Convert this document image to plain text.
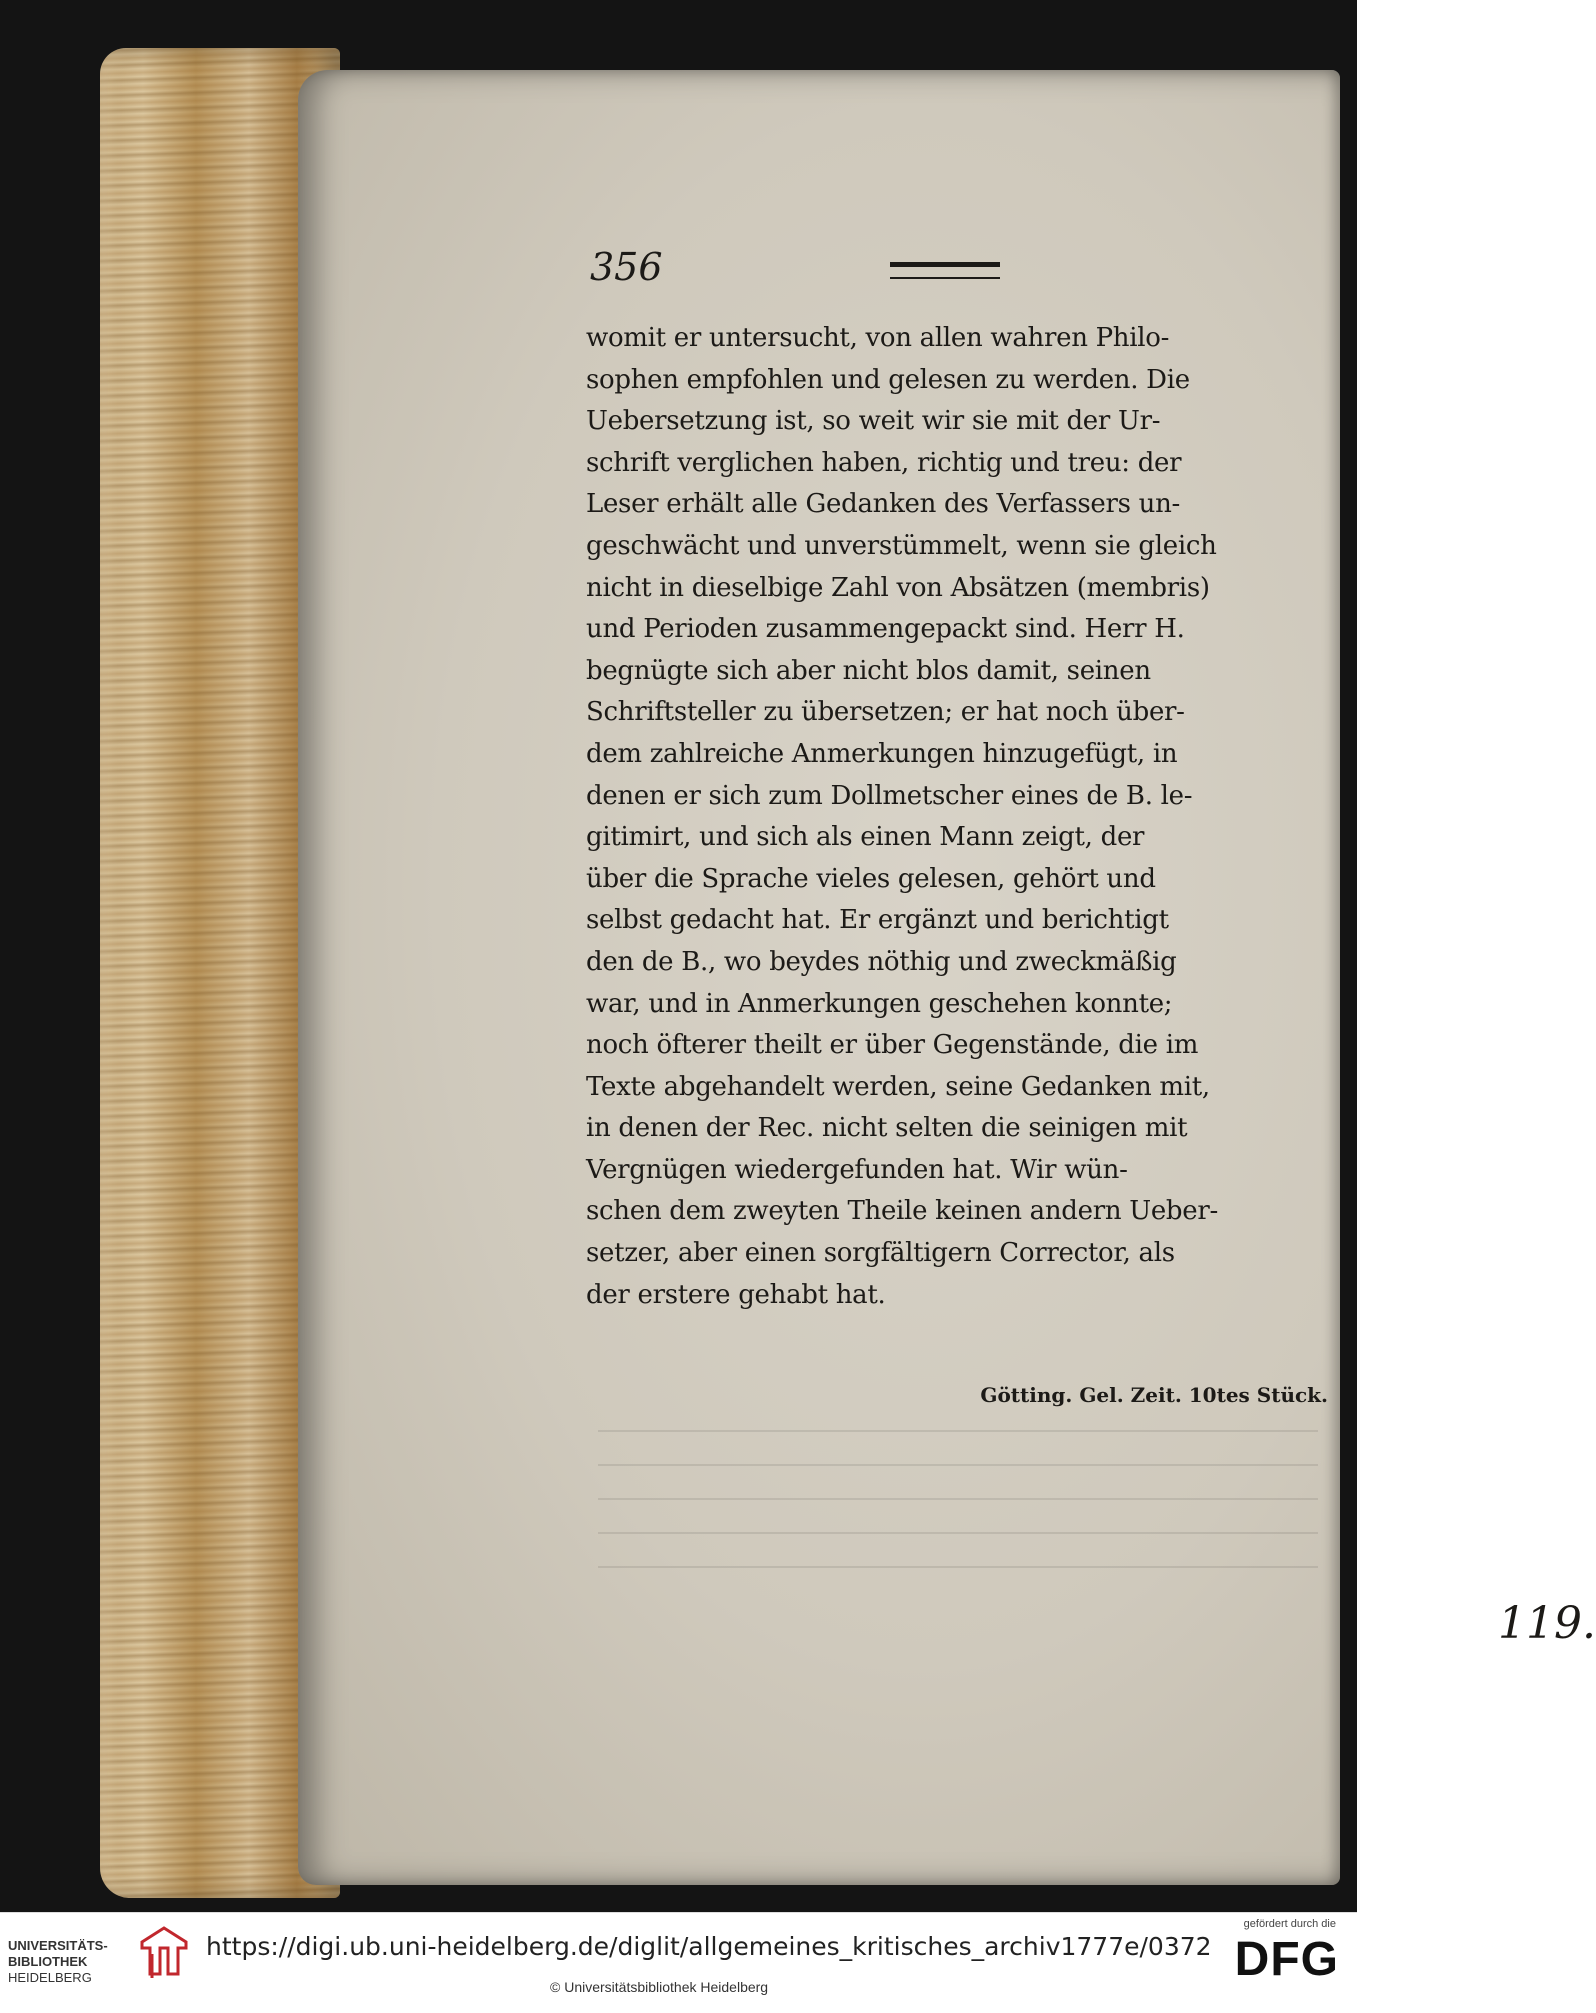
356
womit er untersucht, von allen wahren Philo-
sophen empfohlen und gelesen zu werden. Die
Uebersetzung ist, so weit wir sie mit der Ur-
schrift verglichen haben, richtig und treu: der
Leser erhält alle Gedanken des Verfassers un-
geschwächt und unverstümmelt, wenn sie gleich
nicht in dieselbige Zahl von Absätzen (membris)
und Perioden zusammengepackt sind. Herr H.
begnügte sich aber nicht blos damit, seinen
Schriftsteller zu übersetzen; er hat noch über-
dem zahlreiche Anmerkungen hinzugefügt, in
denen er sich zum Dollmetscher eines de B. le-
gitimirt, und sich als einen Mann zeigt, der
über die Sprache vieles gelesen, gehört und
selbst gedacht hat. Er ergänzt und berichtigt
den de B., wo beydes nöthig und zweckmäßig
war, und in Anmerkungen geschehen konnte;
noch öfterer theilt er über Gegenstände, die im
Texte abgehandelt werden, seine Gedanken mit,
in denen der Rec. nicht selten die seinigen mit
Vergnügen wiedergefunden hat. Wir wün-
schen dem zweyten Theile keinen andern Ueber-
setzer, aber einen sorgfältigern Corrector, als
der erstere gehabt hat.
Götting. Gel. Zeit. 10tes Stück.
119.
UNIVERSITÄTS-
BIBLIOTHEK
HEIDELBERG
https://digi.ub.uni-heidelberg.de/diglit/allgemeines_kritisches_archiv1777e/0372
© Universitätsbibliothek Heidelberg
gefördert durch die
DFG
